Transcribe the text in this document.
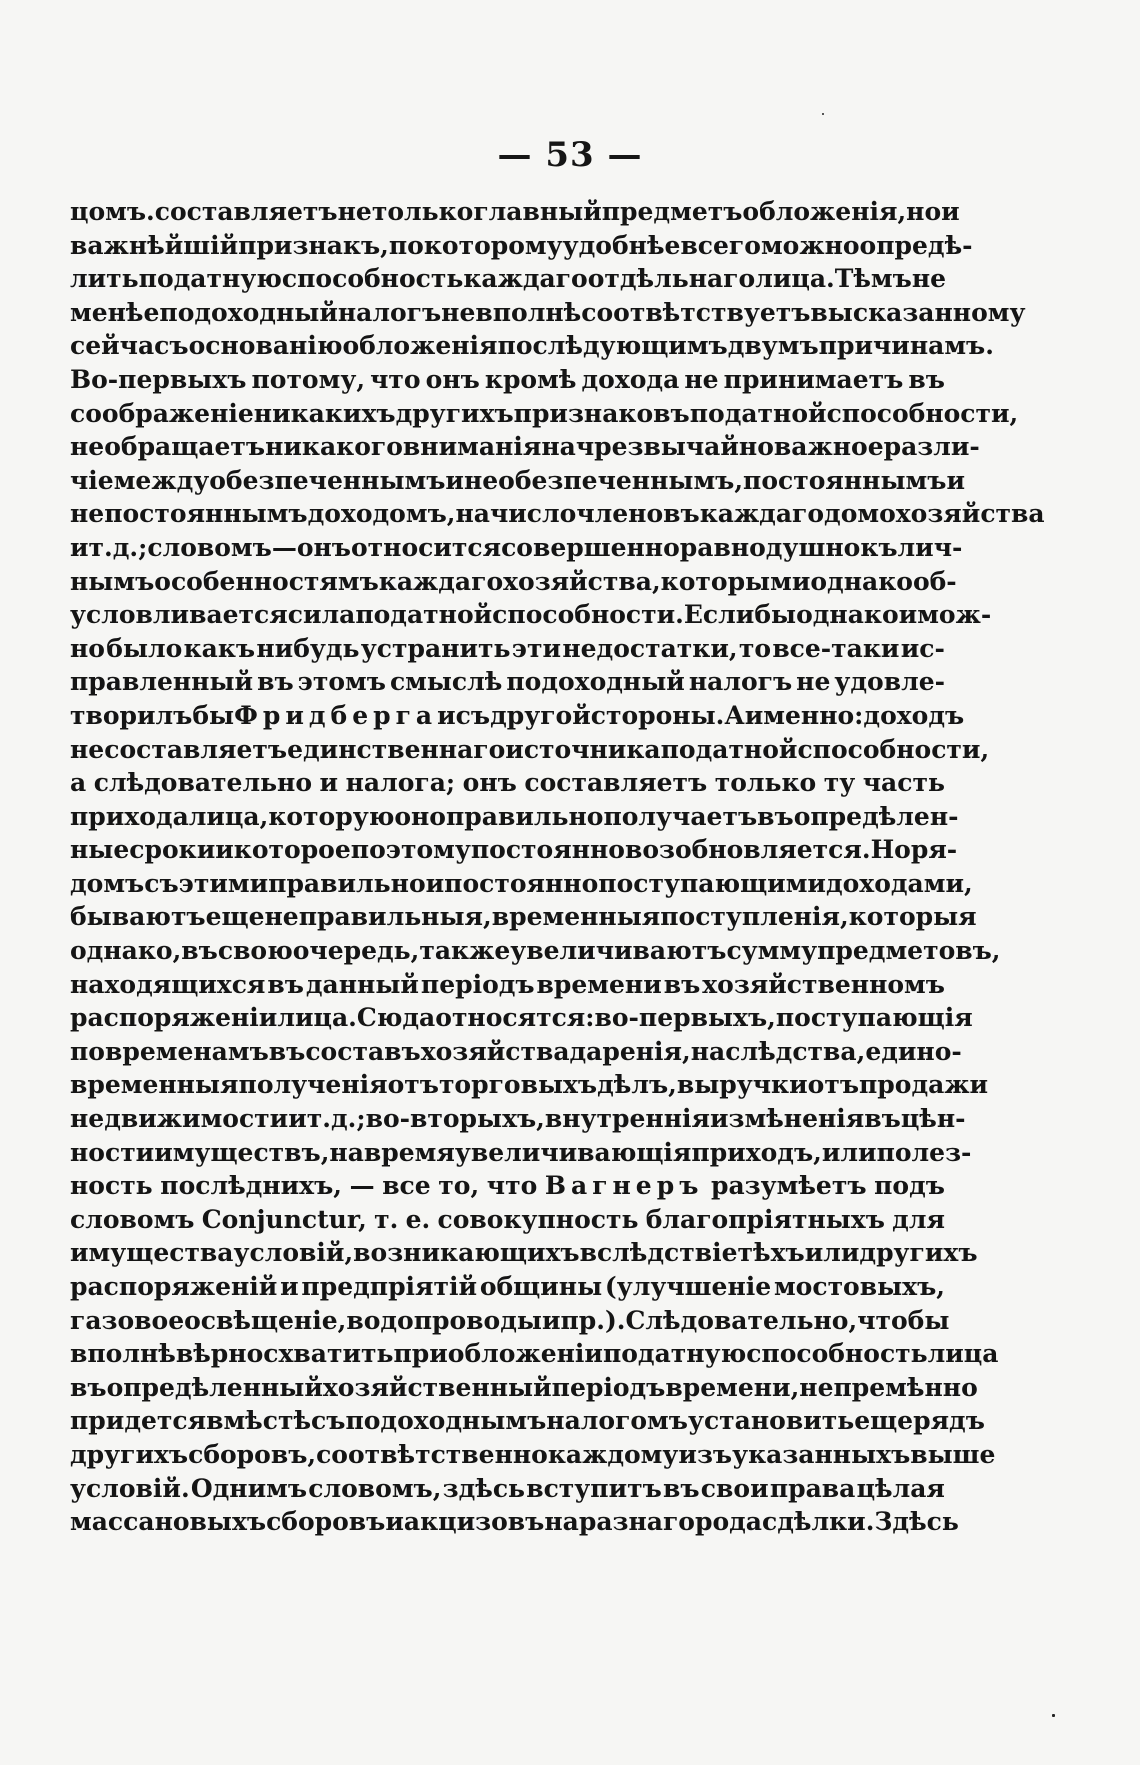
— 53 —
цомъ. составляетъ не только главный предметъ обложенія, но и
важнѣйшій признакъ, по которому удобнѣе всего можно опредѣ-
лить податную способность каждаго отдѣльнаго лица. Тѣмъ не
менѣе подоходный налогъ не вполнѣ соотвѣтствуетъ высказанному
сейчасъ основанію обложенія по слѣдующимъ двумъ причинамъ.
Во-первыхъ потому, что онъ кромѣ дохода не принимаетъ въ
соображеніе никакихъ другихъ признаковъ податной способности,
не обращаетъ никакого вниманія на чрезвычайно важное разли-
чіе между обезпеченнымъ и необезпеченнымъ, постояннымъ и
непостояннымъ доходомъ, на число членовъ каждаго домохозяйства
и т. д.; словомъ—онъ относится совершенно равнодушно къ лич-
нымъ особенностямъ каждаго хозяйства, которыми однако об-
условливается сила податной способности. Еслибы однако и мож-
но было какъ нибудь устранить эти недостатки, то все-таки ис-
правленный въ этомъ смыслѣ подоходный налогъ не удовле-
творилъ бы Фридберга и съ другой стороны. А именно: доходъ
не составляетъ единственнаго источника податной способности,
а слѣдовательно и налога; онъ составляетъ только ту часть
прихода лица, которую оно правильно получаетъ въ опредѣлен-
ные сроки и которое поэтому постоянно возобновляется. Но ря-
домъ съ этими правильно и постоянно поступающими доходами,
бываютъ еще неправильныя, временныя поступленія, которыя
однако, въ свою очередь, также увеличиваютъ сумму предметовъ,
находящихся въ данный періодъ времени въ хозяйственномъ
распоряженіи лица. Сюда относятся: во-первыхъ, поступающія
по временамъ въ составъ хозяйства даренія, наслѣдства, едино-
временныя полученія отъ торговыхъ дѣлъ, выручки отъ продажи
недвижимости и т. д.; во-вторыхъ, внутреннія измѣненія въ цѣн-
ности имуществъ, на время увеличивающія приходъ, или полез-
ность послѣднихъ, — все то, что Вагнеръ разумѣетъ подъ
словомъ Conjunctur, т. е. совокупность благопріятныхъ для
имущества условій, возникающихъ вслѣдствіе тѣхъ или другихъ
распоряженій и предпріятій общины (улучшеніе мостовыхъ,
газовое освѣщеніе, водопроводы и пр.). Слѣдовательно, чтобы
вполнѣ вѣрно схватить при обложеніи податную способность лица
въ опредѣленный хозяйственный періодъ времени, непремѣнно
придется вмѣстѣ съ подоходнымъ налогомъ установить еще рядъ
другихъ сборовъ, соотвѣтственно каждому изъ указанныхъ выше
условій. Однимъ словомъ, здѣсь вступитъ въ свои права цѣлая
масса новыхъ сборовъ и акцизовъ на разнаго рода сдѣлки. Здѣсь
